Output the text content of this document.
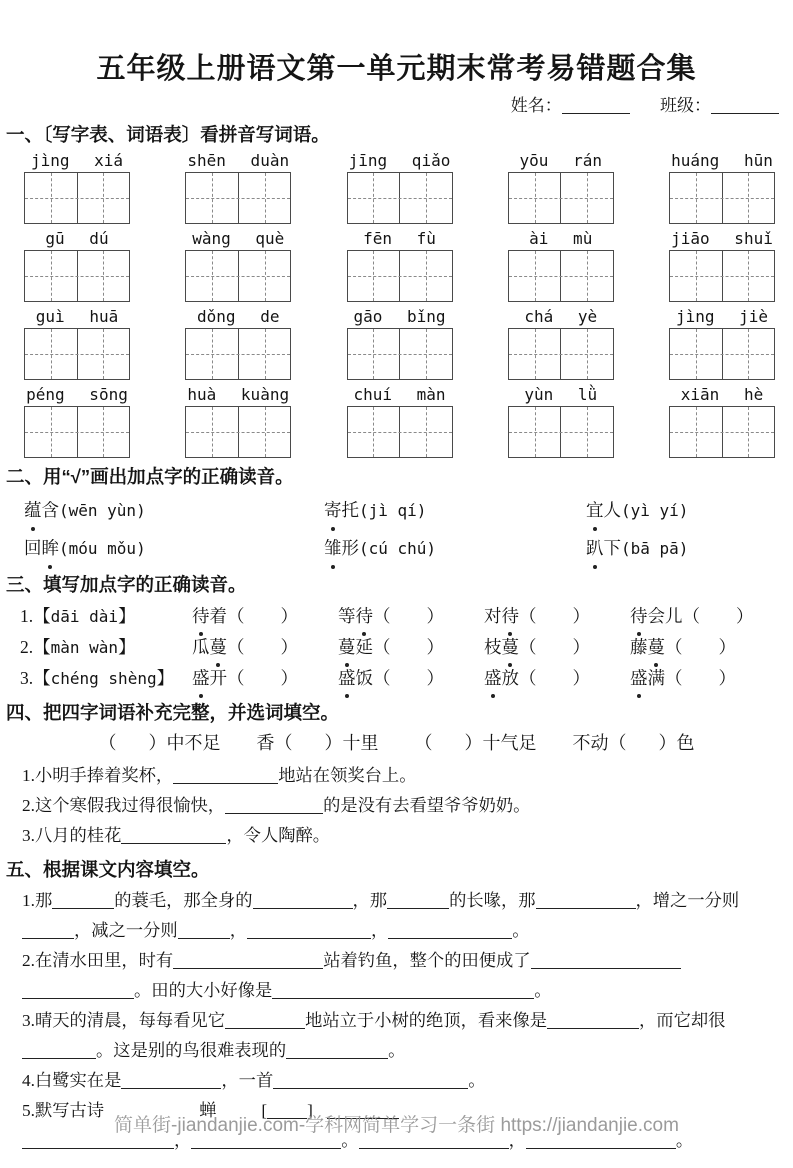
五年级上册语文第一单元期末常考易错题合集
姓名：	班级：
一、〔写字表、词语表〕看拼音写词语。
jìng xiá	shēn duàn	jīng qiǎo	yōu rán	huáng hūn
gū dú	wàng què	fēn fù	ài mù	jiāo shuǐ
guì huā	dǒng de	gāo bǐng	chá yè	jìng jiè
péng sōng	huà kuàng	chuí màn	yùn lǜ	xiān hè
二、用“√”画出加点字的正确读音。
蕴含(wēn yùn)	寄托(jì qí)	宜人(yì yí)
回眸(móu mǒu)	雏形(cú chú)	趴下(bā pā)
三、填写加点字的正确读音。
1.【dāi dài】	待着（ ）	等待（ ）	对待（ ）	待会儿（ ）
2.【màn wàn】	瓜蔓（ ）	蔓延（ ）	枝蔓（ ）	藤蔓（ ）
3.【chéng shèng】	盛开（ ）	盛饭（ ）	盛放（ ）	盛满（ ）
四、把四字词语补充完整，并选词填空。
（ ）中不足 香（ ）十里 （ ）十气足 不动（ ）色
1.小明手捧着奖杯，	地站在领奖台上。
2.这个寒假我过得很愉快，	的是没有去看望爷爷奶奶。
3.八月的桂花	，令人陶醉。
五、根据课文内容填空。
1.那	的蓑毛，那全身的	，那	的长喙，那	，增之一分则，减之一分则	，	，	。
2.在清水田里，时有	站着钓鱼，整个的田便成了。田的大小好像是	。
3.晴天的清晨，每每看见它	地站立于小树的绝顶，看来像是	，而它却很。这是别的鸟很难表现的	。
4.白鹭实在是	，一首	。
5.默写古诗	蝉	[ ]
，	。	，	。
简单街-jiandanjie.com-学科网简单学习一条街 https://jiandanjie.com
